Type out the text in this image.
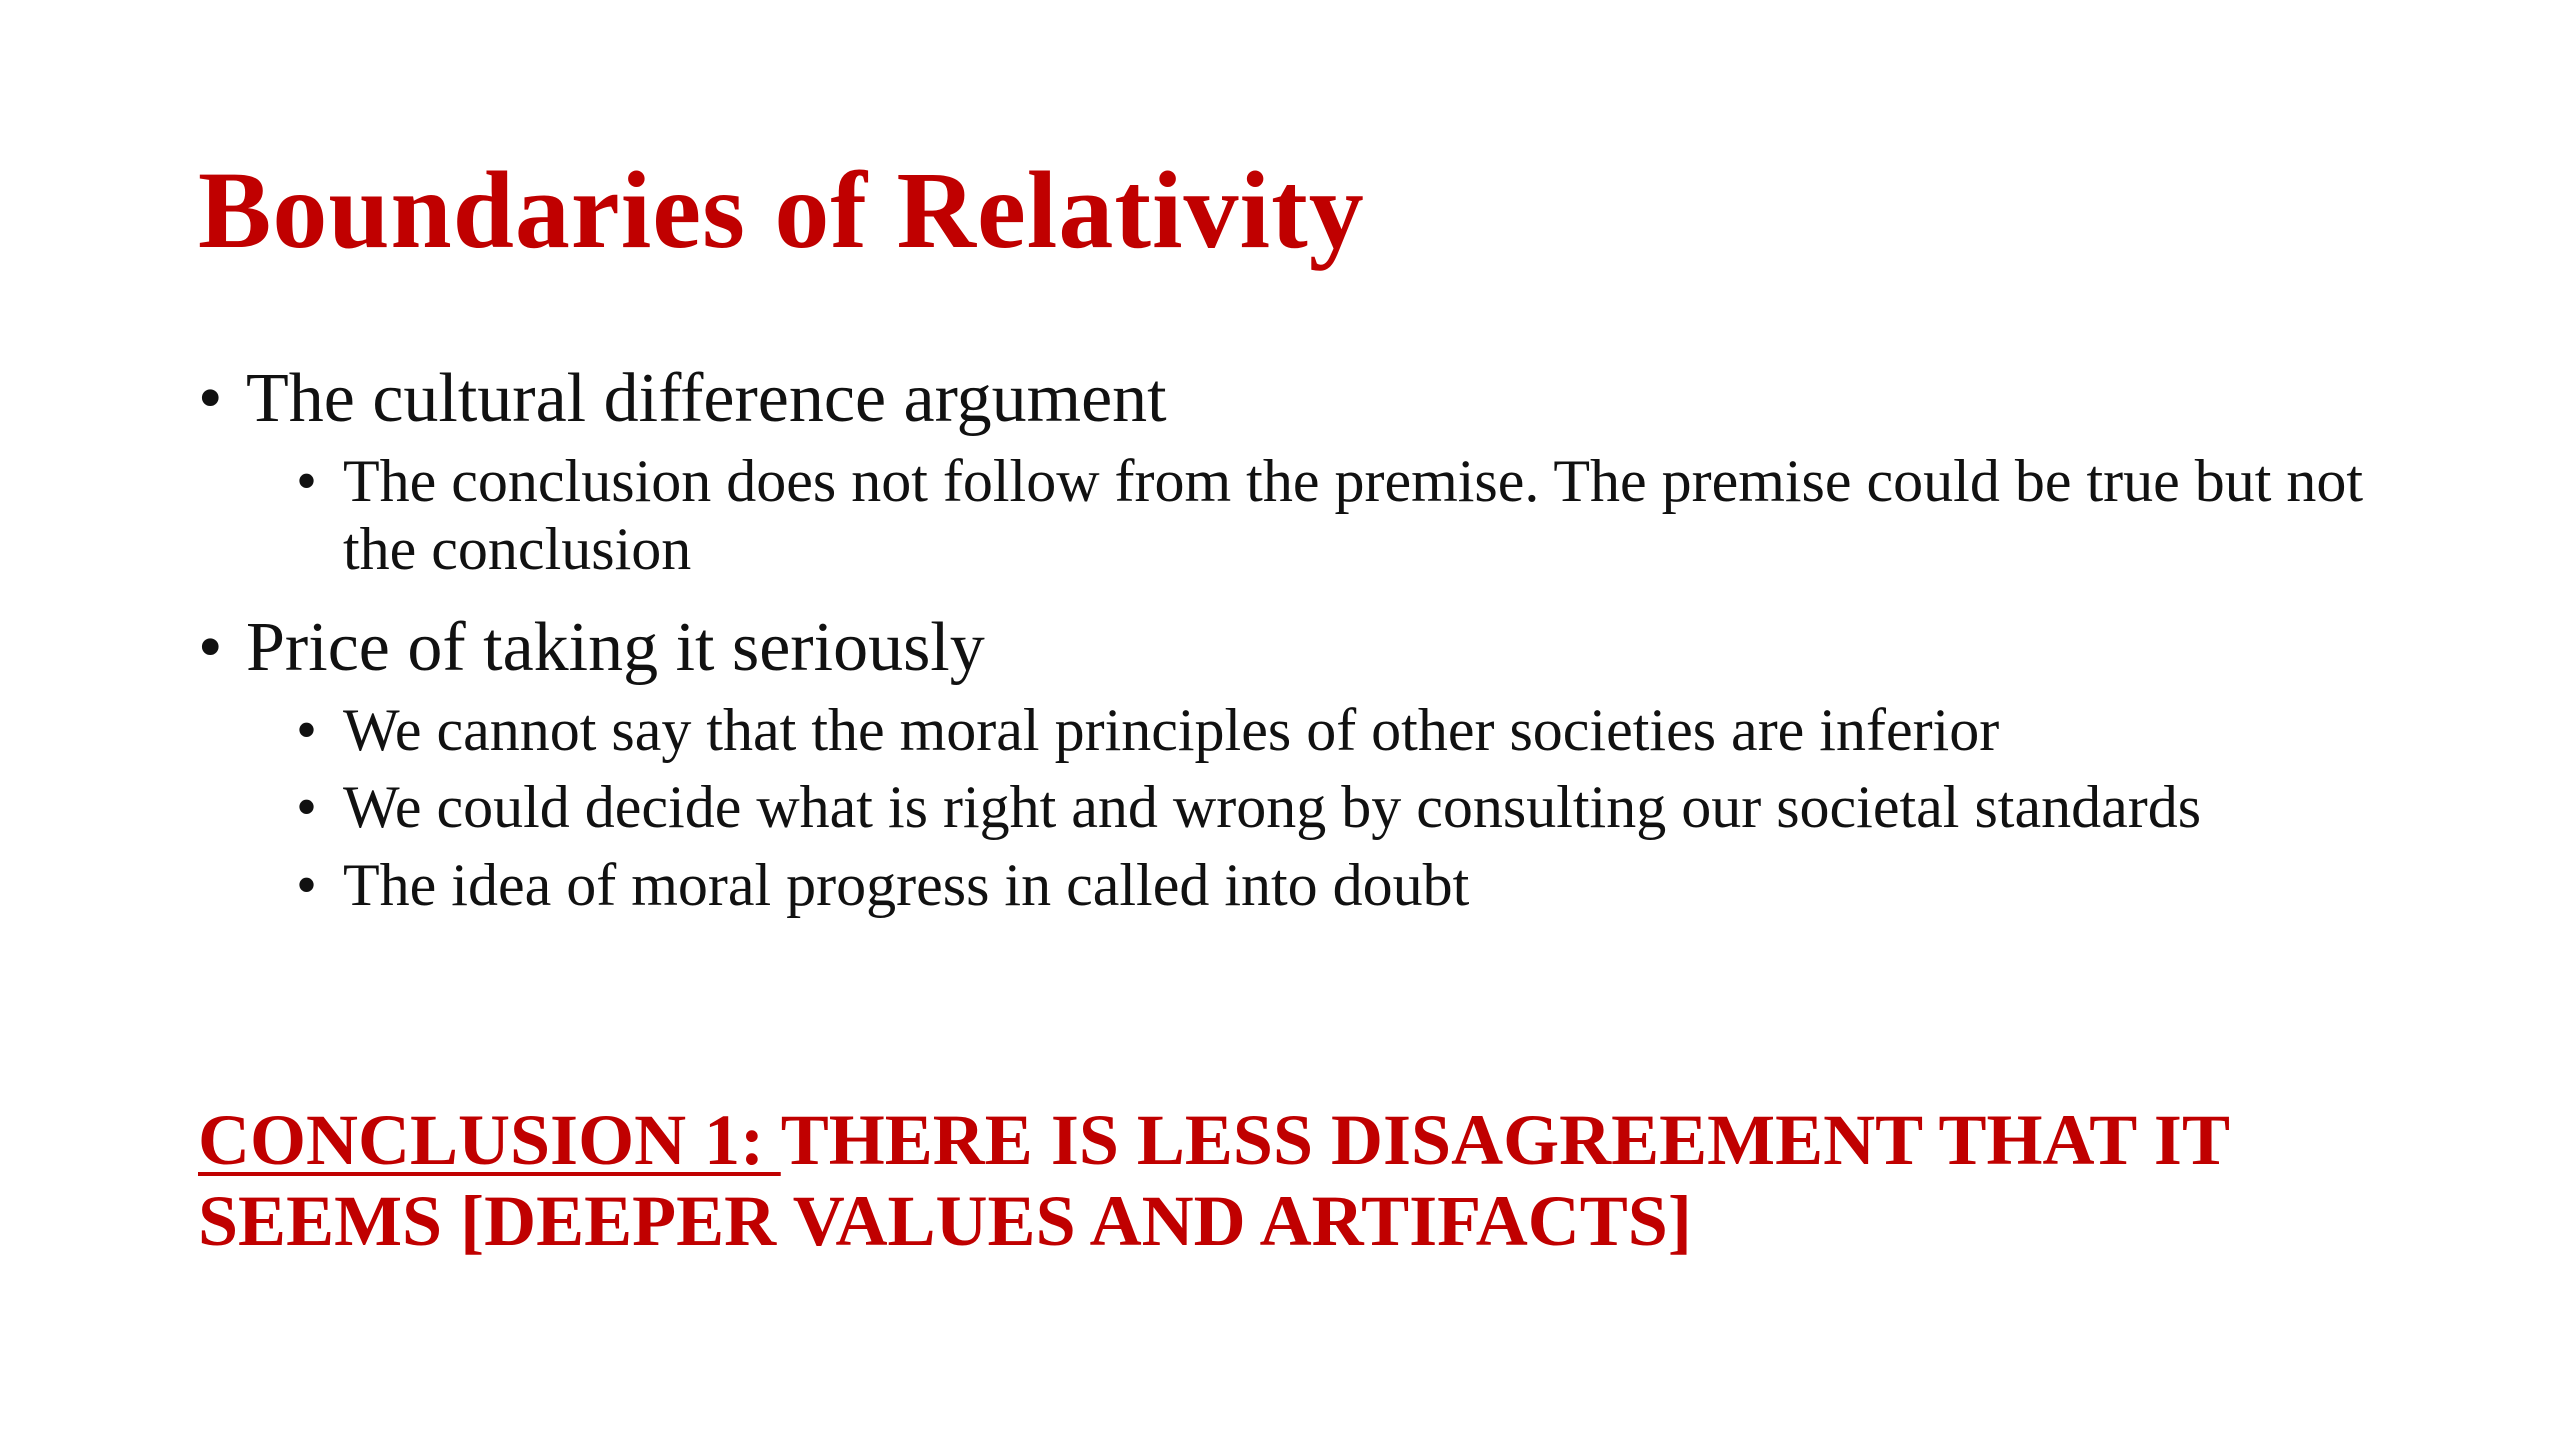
Boundaries of Relativity
• The cultural difference argument
• The conclusion does not follow from the premise. The premise could be true but not the conclusion
• Price of taking it seriously
• We cannot say that the moral principles of other societies are inferior
• We could decide what is right and wrong by consulting our societal standards
• The idea of moral progress in called into doubt
CONCLUSION 1: THERE IS LESS DISAGREEMENT THAT IT SEEMS [DEEPER VALUES AND ARTIFACTS]
